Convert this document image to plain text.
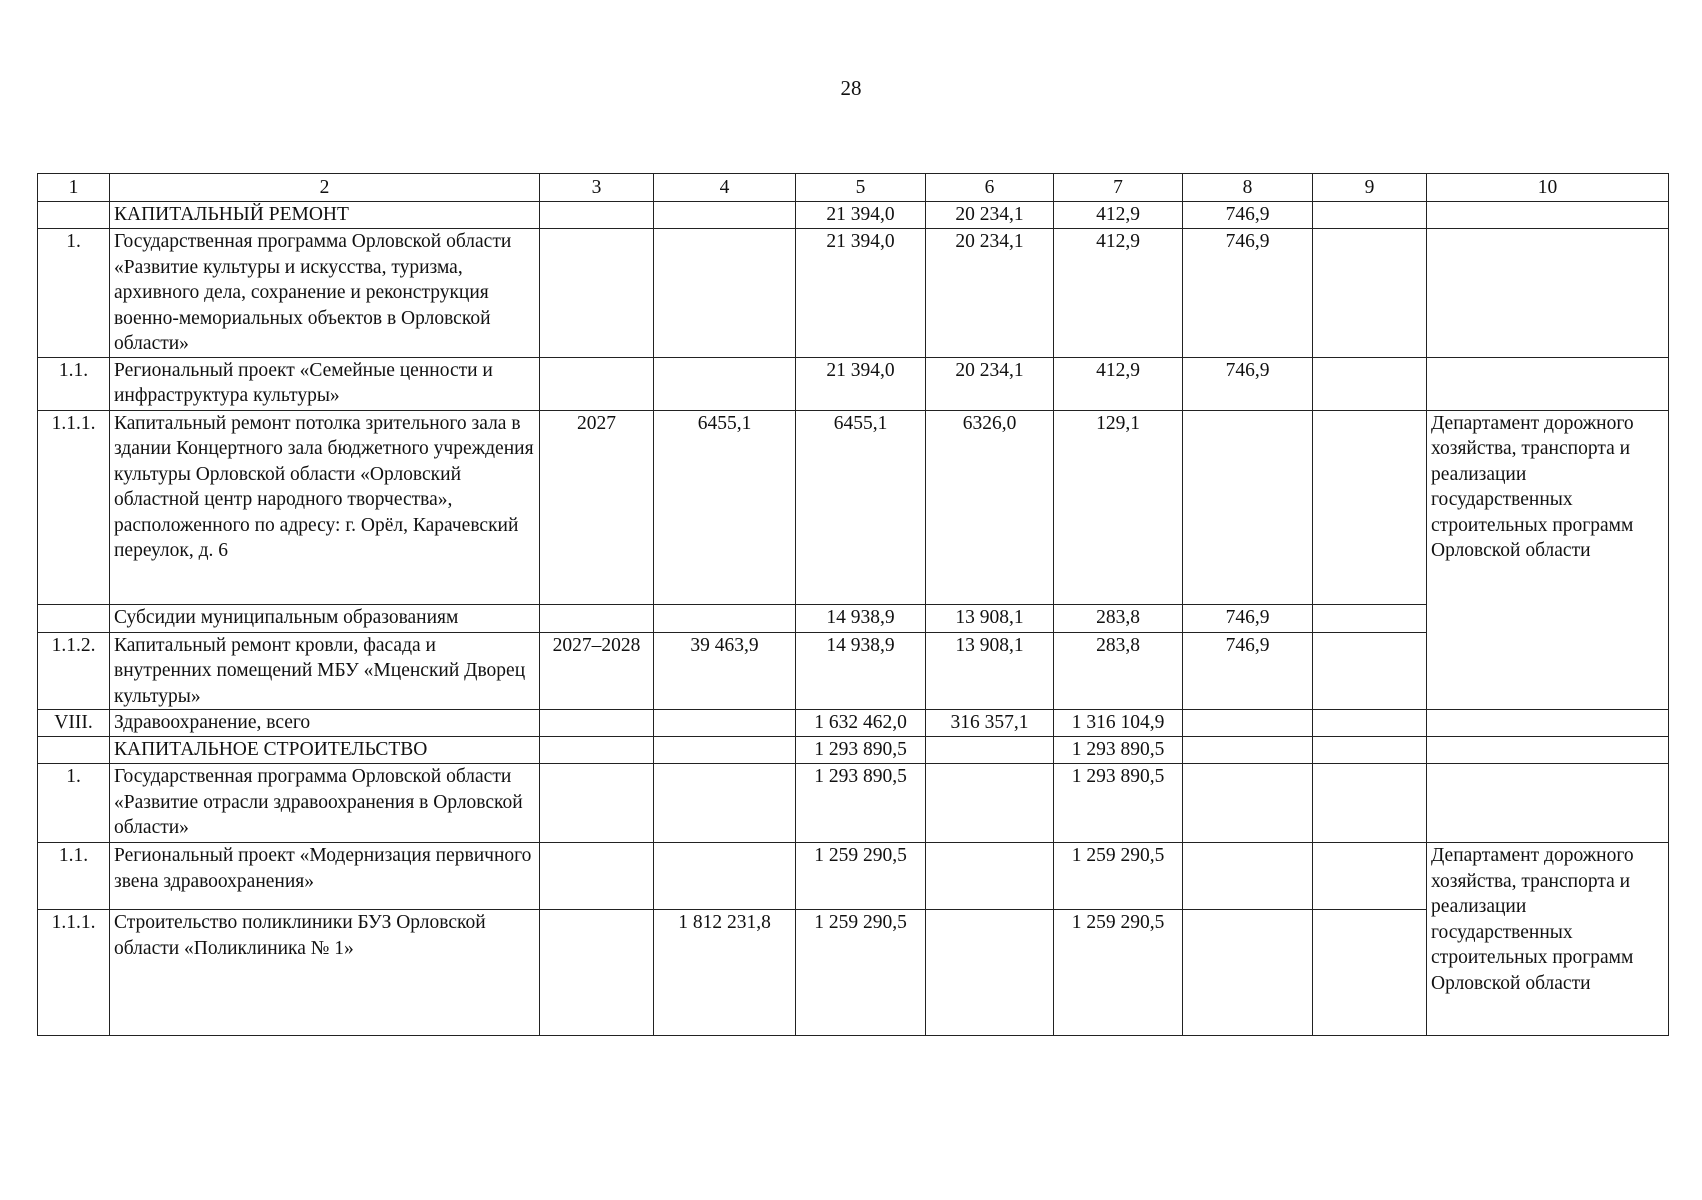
28
1	2	3	4	5	6	7	8	9	10
	КАПИТАЛЬНЫЙ РЕМОНТ			21 394,0	20 234,1	412,9	746,9		
1.	Государственная программа Орловской области «Развитие культуры и искусства, туризма, архивного дела, сохранение и реконструкция военно-мемориальных объектов в Орловской области»			21 394,0	20 234,1	412,9	746,9		
1.1.	Региональный проект «Семейные ценности и инфраструктура культуры»			21 394,0	20 234,1	412,9	746,9		
1.1.1.	Капитальный ремонт потолка зрительного зала в здании Концертного зала бюджетного учреждения культуры Орловской области «Орловский областной центр народного творчества», расположенного по адресу: г. Орёл, Карачевский переулок, д. 6	2027	6455,1	6455,1	6326,0	129,1			Департамент дорожного хозяйства, транспорта и реализации государственных строительных программ Орловской области
	Субсидии муниципальным образованиям			14 938,9	13 908,1	283,8	746,9		
1.1.2.	Капитальный ремонт кровли, фасада и внутренних помещений МБУ «Мценский Дворец культуры»	2027–2028	39 463,9	14 938,9	13 908,1	283,8	746,9		
VIII.	Здравоохранение, всего			1 632 462,0	316 357,1	1 316 104,9			
	КАПИТАЛЬНОЕ СТРОИТЕЛЬСТВО			1 293 890,5		1 293 890,5			
1.	Государственная программа Орловской области «Развитие отрасли здравоохранения в Орловской области»			1 293 890,5		1 293 890,5			
1.1.	Региональный проект «Модернизация первичного звена здравоохранения»			1 259 290,5		1 259 290,5			Департамент дорожного хозяйства, транспорта и реализации государственных строительных программ Орловской области
1.1.1.	Строительство поликлиники БУЗ Орловской области «Поликлиника № 1»		1 812 231,8	1 259 290,5		1 259 290,5			
